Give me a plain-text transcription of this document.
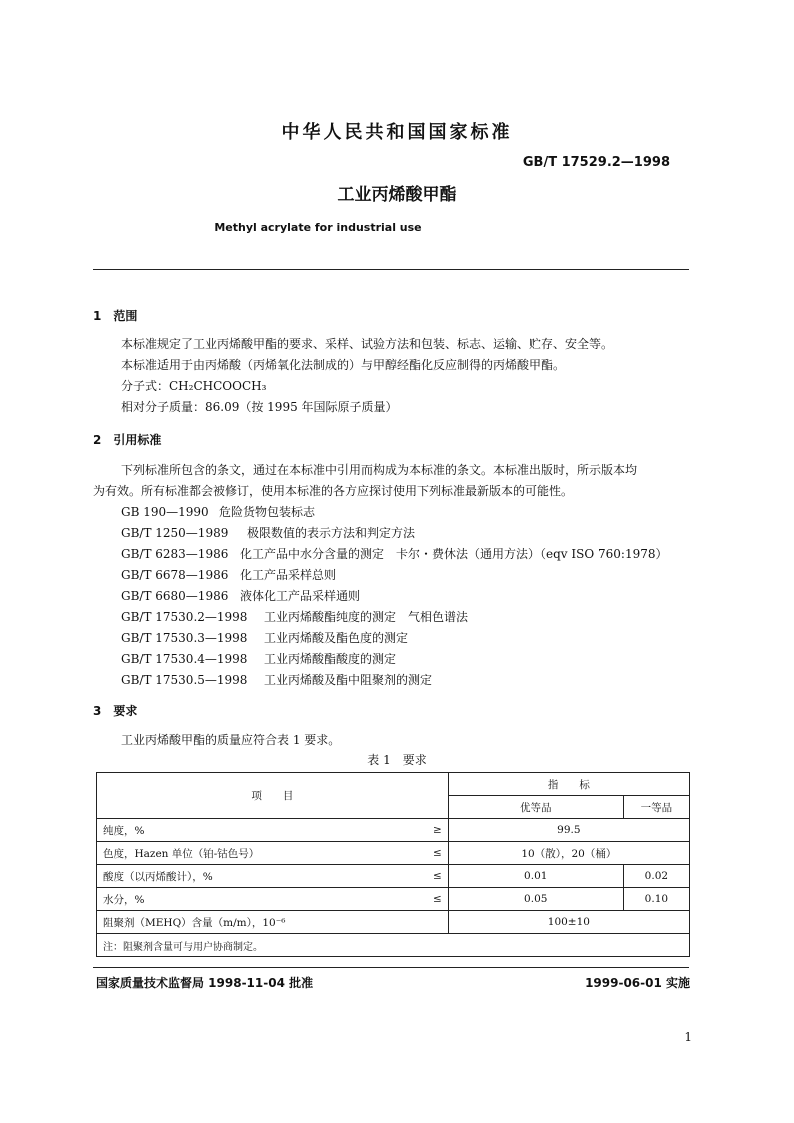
中华人民共和国国家标准
GB/T 17529.2—1998
工业丙烯酸甲酯
Methyl acrylate for industrial use
1　范围
本标准规定了工业丙烯酸甲酯的要求、采样、试验方法和包装、标志、运输、贮存、安全等。
本标准适用于由丙烯酸（丙烯氧化法制成的）与甲醇经酯化反应制得的丙烯酸甲酯。
分子式：CH₂CHCOOCH₃
相对分子质量：86.09（按 1995 年国际原子质量）
2　引用标准
下列标准所包含的条文，通过在本标准中引用而构成为本标准的条文。本标准出版时，所示版本均
为有效。所有标准都会被修订，使用本标准的各方应探讨使用下列标准最新版本的可能性。
GB 190—1990 危险货物包装标志
GB/T 1250—1989 极限数值的表示方法和判定方法
GB/T 6283—1986 化工产品中水分含量的测定　卡尔・费休法（通用方法）（eqv ISO 760:1978）
GB/T 6678—1986 化工产品采样总则
GB/T 6680—1986 液体化工产品采样通则
GB/T 17530.2—1998 工业丙烯酸酯纯度的测定　气相色谱法
GB/T 17530.3—1998 工业丙烯酸及酯色度的测定
GB/T 17530.4—1998 工业丙烯酸酯酸度的测定
GB/T 17530.5—1998 工业丙烯酸及酯中阻聚剂的测定
3　要求
工业丙烯酸甲酯的质量应符合表 1 要求。
表 1　要求
项　　目		指　　标	
		优等品	一等品
纯度，%	≥	99.5	
色度，Hazen 单位（铂-钴色号）	≤	10（散），20（桶）	
酸度（以丙烯酸计），%	≤	0.01	0.02
水分，%	≤	0.05	0.10
阻聚剂（MEHQ）含量（m/m），10⁻⁶		100±10	
注：阻聚剂含量可与用户协商制定。			
国家质量技术监督局 1998-11-04 批准	1999-06-01 实施
1
